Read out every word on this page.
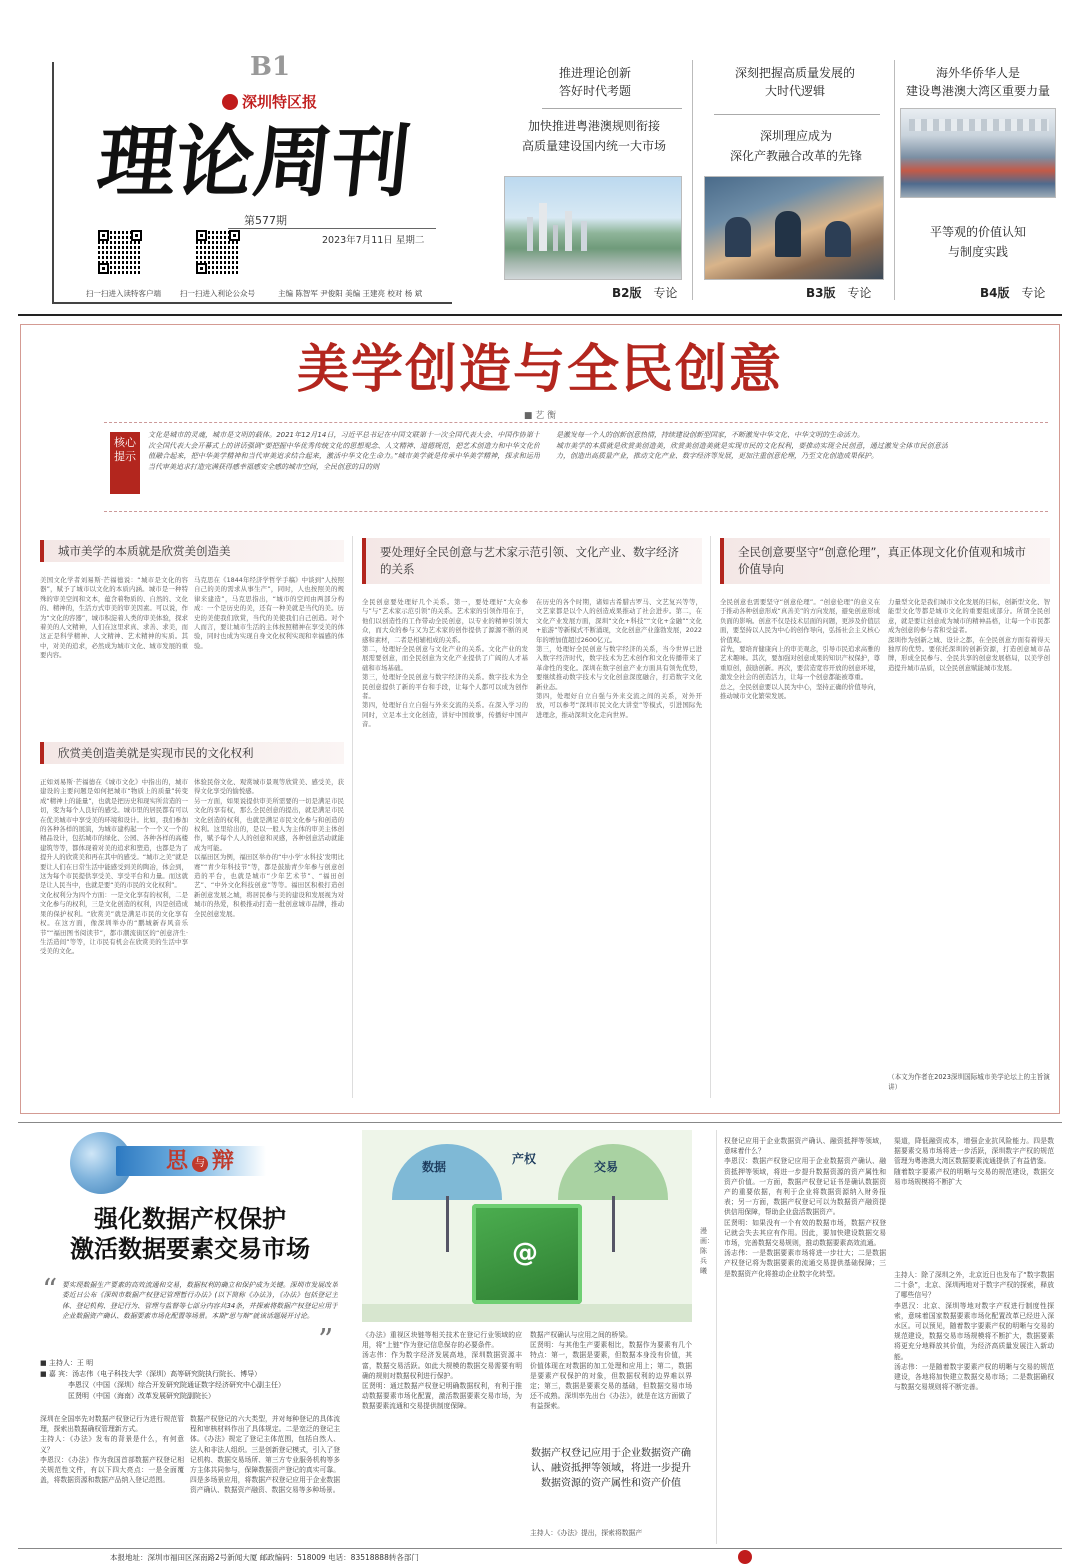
B1
深圳特区报
理论周刊
第577期
2023年7月11日 星期二
扫一扫进入读特客户端	扫一扫进入利论公众号	主编 陈智军 尹俊阳 美编 王建亮 校对 杨 斌
推进理论创新
答好时代考题
加快推进粤港澳规则衔接
高质量建设国内统一大市场
B2版 专论
深刻把握高质量发展的
大时代逻辑
深圳理应成为
深化产教融合改革的先锋
B3版 专论
海外华侨华人是
建设粤港澳大湾区重要力量
平等观的价值认知
与制度实践
B4版 专论
美学创造与全民创意
■ 艺 衡
核心
提示
文化是城市的灵魂，城市是文明的载体。2021年12月14日，习近平总书记在中国文联第十一次全国代表大会、中国作协第十次全国代表大会开幕式上的讲话强调“要把握中华优秀传统文化的思想观念、人文精神、道德规范，把艺术创造力和中华文化价值融合起来，把中华美学精神和当代审美追求结合起来，激活中华文化生命力。”城市美学就是传承中华美学精神，探求和运用当代审美追求打造完满获得感幸福感安全感的城市空间，全民创意的目的则
是激发每一个人的创新创意热情，持续建设创新型国家，不断激发中华文化、中华文明的生命活力。
城市美学的本质就是欣赏美创造美，欣赏美创造美就是实现市民的文化权利，要推动实现全民创意，通过激发全体市民创意活力，创造出高质量产业，推动文化产业、数字经济等发展，更加注重创意伦理，乃至文化创造成果保护。
城市美学的本质就是欣赏美创造美
美国文化学者刘易斯·芒福德说：“城市是文化的容器”，赋予了城市以文化的本质内涵。城市是一种特殊的审美空间和文本，蕴含着物质的、自然的、文化的、精神的，生活方式审美的审美因素。可以说，作为“文化的容器”，城市积淀着人类的审美体验，探求着美的人文精神，人们在这里求真、求善、求美，而这正是科学精神、人文精神、艺术精神的实质。其中，对美的追求，必然成为城市文化、城市发展的重要内容。
马克思在《1844年经济学哲学手稿》中谈到“人按照自己的美的需求从事生产”，同时，人也按照美的规律来建造”，马克思指出，“城市的空间由两部分构成：一个是历史的美，还有一种美就是当代的美。历史的美使我们欣赏，当代的美使我们自己创造。对个人而言，要让城市生活的主体按照精神在享受美的体验，同时也成为实现自身文化权利实现和幸福感的体验。
欣赏美创造美就是实现市民的文化权利
正如刘易斯·芒福德在《城市文化》中指出的，城市建设的主要问题是如何把城市“物质上的质量”转变成“精神上的能量”，也就是把历史和现实所营造的一切，变为每个人良好的感受。城市里的居民都有可以在优美城市中享受美的环境和设计。比如，我们参加的各种各样的展演，为城市建构起一个一个又一个的精品设计，包括城市的绿化、公园、各种各样的高楼建筑等等，都体现着对美的追求和塑造，也都是为了提升人的欣赏美和再在其中的感受。“城市之美”就是要让人们在日常生活中能感受到美的陶冶，体会到，这为每个市民提供享受美、享受平台和力量。而这就是让人民当中，也就是要“美的市民的文化权利”。
文化权利分为四个方面：一是文化享有的权利，二是文化参与的权利，三是文化创造的权利，四是创造成果的保护权利。“欣赏美”就是满足市民的文化享有权。在这方面，像深圳举办的“鹏城新春风音乐节”“福田图书阅读节”，都市潮流街区的“创意济生·生活造间”等等，让市民有机会在欣赏美的生活中享受美的文化。
体验民俗文化、观赏城市景观等欣赏美、感受美，获得文化享受的愉悦感。
另一方面，如果说提供审美所需要的一切是满足市民文化的享有权，那么全民创意的提出，就是满足市民文化创造的权利，也就是满足市民文化参与和创造的权利。这里给出的，是以一般人为主体的审美主体创作，赋予每个人人的创意和灵感，各种创意活动就能成为可能。
以福田区为例，福田区举办的“中小学‘水科技’发明比赛”“青少年科技节”等，都是鼓励青少年参与创意创造的平台，也就是城市“少年艺术节”、“福田创艺”、“中外文化科技创意”等等。福田区积极打造创新创意发展之城，将居民参与美的建设和发展视为对城市的热爱，积极推动打造一批创意城市品牌，推动全民创意发展。
要处理好全民创意与艺术家示范引领、文化产业、数字经济的关系
全民创意要处理好几个关系。第一，要处理好“大众参与”与“艺术家示范引领”的关系。艺术家的引领作用在于，他们以创造性的工作带动全民创意，以专业的精神引领大众，而大众的参与又为艺术家的创作提供了源源不断的灵感和素材，二者是相辅相成的关系。
第二，处理好全民创意与文化产业的关系。文化产业的发展需要创意，而全民创意为文化产业提供了广阔的人才基础和市场基础。
第三，处理好全民创意与数字经济的关系。数字技术为全民创意提供了新的平台和手段，让每个人都可以成为创作者。
第四，处理好自立自强与外来交流的关系。在深入学习的同时，立足本土文化创造，讲好中国故事，传播好中国声音。
在历史的各个时期，诸如古希腊古罗马、文艺复兴等等，文艺家都是以个人的创造成果推动了社会进步。第二，在文化产业发展方面，深圳“文化+科技”“文化+金融”“文化+旅游”等新模式不断涌现，文化创意产业蓬勃发展，2022年的增加值超过2600亿元。
第三，处理好全民创意与数字经济的关系，当今世界已进入数字经济时代，数字技术为艺术创作和文化传播带来了革命性的变化。深圳在数字创意产业方面具有领先优势，要继续推动数字技术与文化创意深度融合，打造数字文化新业态。
第四，处理好自立自强与外来交流之间的关系，对外开放，可以参考“深圳市民文化大讲堂”等模式，引进国际先进理念，推动深圳文化走向世界。
全民创意要坚守“创意伦理”，真正体现文化价值观和城市价值导向
全民创意也需要坚守“创意伦理”。“创意伦理”的意义在于推动各种创意形成“真善美”的方向发展，避免创意形成负面的影响。创意不仅是技术层面的问题，更涉及价值层面，要坚持以人民为中心的创作导向，弘扬社会主义核心价值观。
首先，要培育健康向上的审美观念，引导市民追求高雅的艺术趣味。其次，要加强对创意成果的知识产权保护，尊重原创，鼓励创新。再次，要营造宽容开放的创意环境，激发全社会的创造活力，让每一个创意都能被尊重。
总之，全民创意要以人民为中心，坚持正确的价值导向，推动城市文化繁荣发展。
力量型文化是我们城市文化发展的目标，创新型文化、智能型文化等都是城市文化的重要组成部分。所谓全民创意，就是要让创意成为城市的精神品格，让每一个市民都成为创意的参与者和受益者。
深圳作为创新之城、设计之都，在全民创意方面有着得天独厚的优势。要依托深圳的创新资源，打造创意城市品牌，形成全民参与、全民共享的创意发展格局，以美学创造提升城市品质，以全民创意赋能城市发展。
（本文为作者在2023深圳国际城市美学论坛上的主旨演讲）
思 与 辩
强化数据产权保护
激活数据要素交易市场
“ 要实现数据生产要素的高效流通和交易，数据权利的确立和保护成为关键。深圳市发展改革委近日公布《深圳市数据产权登记管理暂行办法》(以下简称《办法》)，《办法》包括登记主体、登记机构、登记行为、管理与监督等七部分内容共34条，并探索将数据产权登记应用于企业数据资产确认、数据要素市场化配置等场景。本期“思与辩”就该话题展开讨论。
”
■ 主持人：王 明
■ 嘉 宾：汤志伟（电子科技大学（深圳）高等研究院执行院长、博导）
李恩汉（中国（深圳）综合开发研究院通证数字经济研究中心副主任）
匡贤明（中国（海南）改革发展研究院副院长）
深圳在全国率先对数据产权登记行为进行规范管理，探索出数据确权管理新方式。
主持人：《办法》发布的背景是什么，有何意义？
李恩汉：《办法》作为我国首部数据产权登记相关规范性文件，有以下四大亮点：一是全面覆盖，将数据资源和数据产品纳入登记范围。
数据产权登记的六大类型，并对每种登记的具体流程和审核材料作出了具体规定。二是宽泛的登记主体。《办法》规定了登记主体范围，包括自然人、法人和非法人组织。三是创新登记模式，引入了登记机构、数据交易场所、第三方专业服务机构等多方主体共同参与，保障数据资产登记的真实可靠。四是多场景应用，将数据产权登记应用于企业数据资产确认、数据资产融资、数据交易等多种场景。
数据
产权
交易
@
漫画：陈兵曦
《办法》重视区块链等相关技术在登记行业领域的应用，将“上链”作为登记信息保存的必要条件。
汤志伟：作为数字经济发展高地，深圳数据资源丰富，数据交易活跃。如此大规模的数据交易需要有明确的规则对数据权利进行保护。
匡贤明：通过数据产权登记明确数据权利，有利于推动数据要素市场化配置，激活数据要素交易市场，为数据要素流通和交易提供制度保障。
数据产权确认与应用之间的桥梁。
匡贤明：与其他生产要素相比，数据作为要素有几个特点：第一，数据是要素，但数据本身没有价值，其价值体现在对数据的加工处理和应用上；第二，数据是要素产权保护的对象，但数据权利的边界难以界定；第三，数据是要素交易的基础，但数据交易市场还不成熟。深圳率先出台《办法》，就是在这方面做了有益探索。
数据产权登记应用于企业数据资产确认、融资抵押等领域，将进一步提升数据资源的资产属性和资产价值
主持人：《办法》提出，探索将数据产
权登记应用于企业数据资产确认、融资抵押等领域，意味着什么？
李恩汉：数据产权登记应用于企业数据资产确认、融资抵押等领域，将进一步提升数据资源的资产属性和资产价值。一方面，数据产权登记证书是确认数据资产的重要依据，有利于企业将数据资源纳入财务报表；另一方面，数据产权登记可以为数据资产融资提供信用保障，帮助企业盘活数据资产。
匡贤明：如果没有一个有效的数据市场，数据产权登记就会失去其应有作用。因此，要加快建设数据交易市场，完善数据交易规则，推动数据要素高效流通。
汤志伟：一是数据要素市场将进一步壮大；二是数据产权登记将为数据要素的流通交易提供基础保障；三是数据资产化将推动企业数字化转型。
渠道，降低融资成本，增强企业抗风险能力。四是数据要素交易市场将进一步活跃，深圳数字产权的规范管理为粤港澳大湾区数据要素流通提供了有益借鉴。
随着数字要素产权的明晰与交易的规范建设，数据交易市场规模将不断扩大
主持人：除了深圳之外，北京近日也发布了“数字数据二十条”，北京、深圳两地对于数字产权的探索，释放了哪些信号？
李恩汉：北京、深圳等地对数字产权进行制度性探索，意味着国家数据要素市场化配置改革已经进入深水区。可以预见，随着数字要素产权的明晰与交易的规范建设，数据交易市场规模将不断扩大，数据要素将更充分地释放其价值，为经济高质量发展注入新动能。
汤志伟：一是随着数字要素产权的明晰与交易的规范建设，各地将加快建立数据交易市场；二是数据确权与数据交易规则将不断完善。
本报地址：深圳市福田区深南路2号新闻大厦 邮政编码：518009 电话：83518888转各部门
